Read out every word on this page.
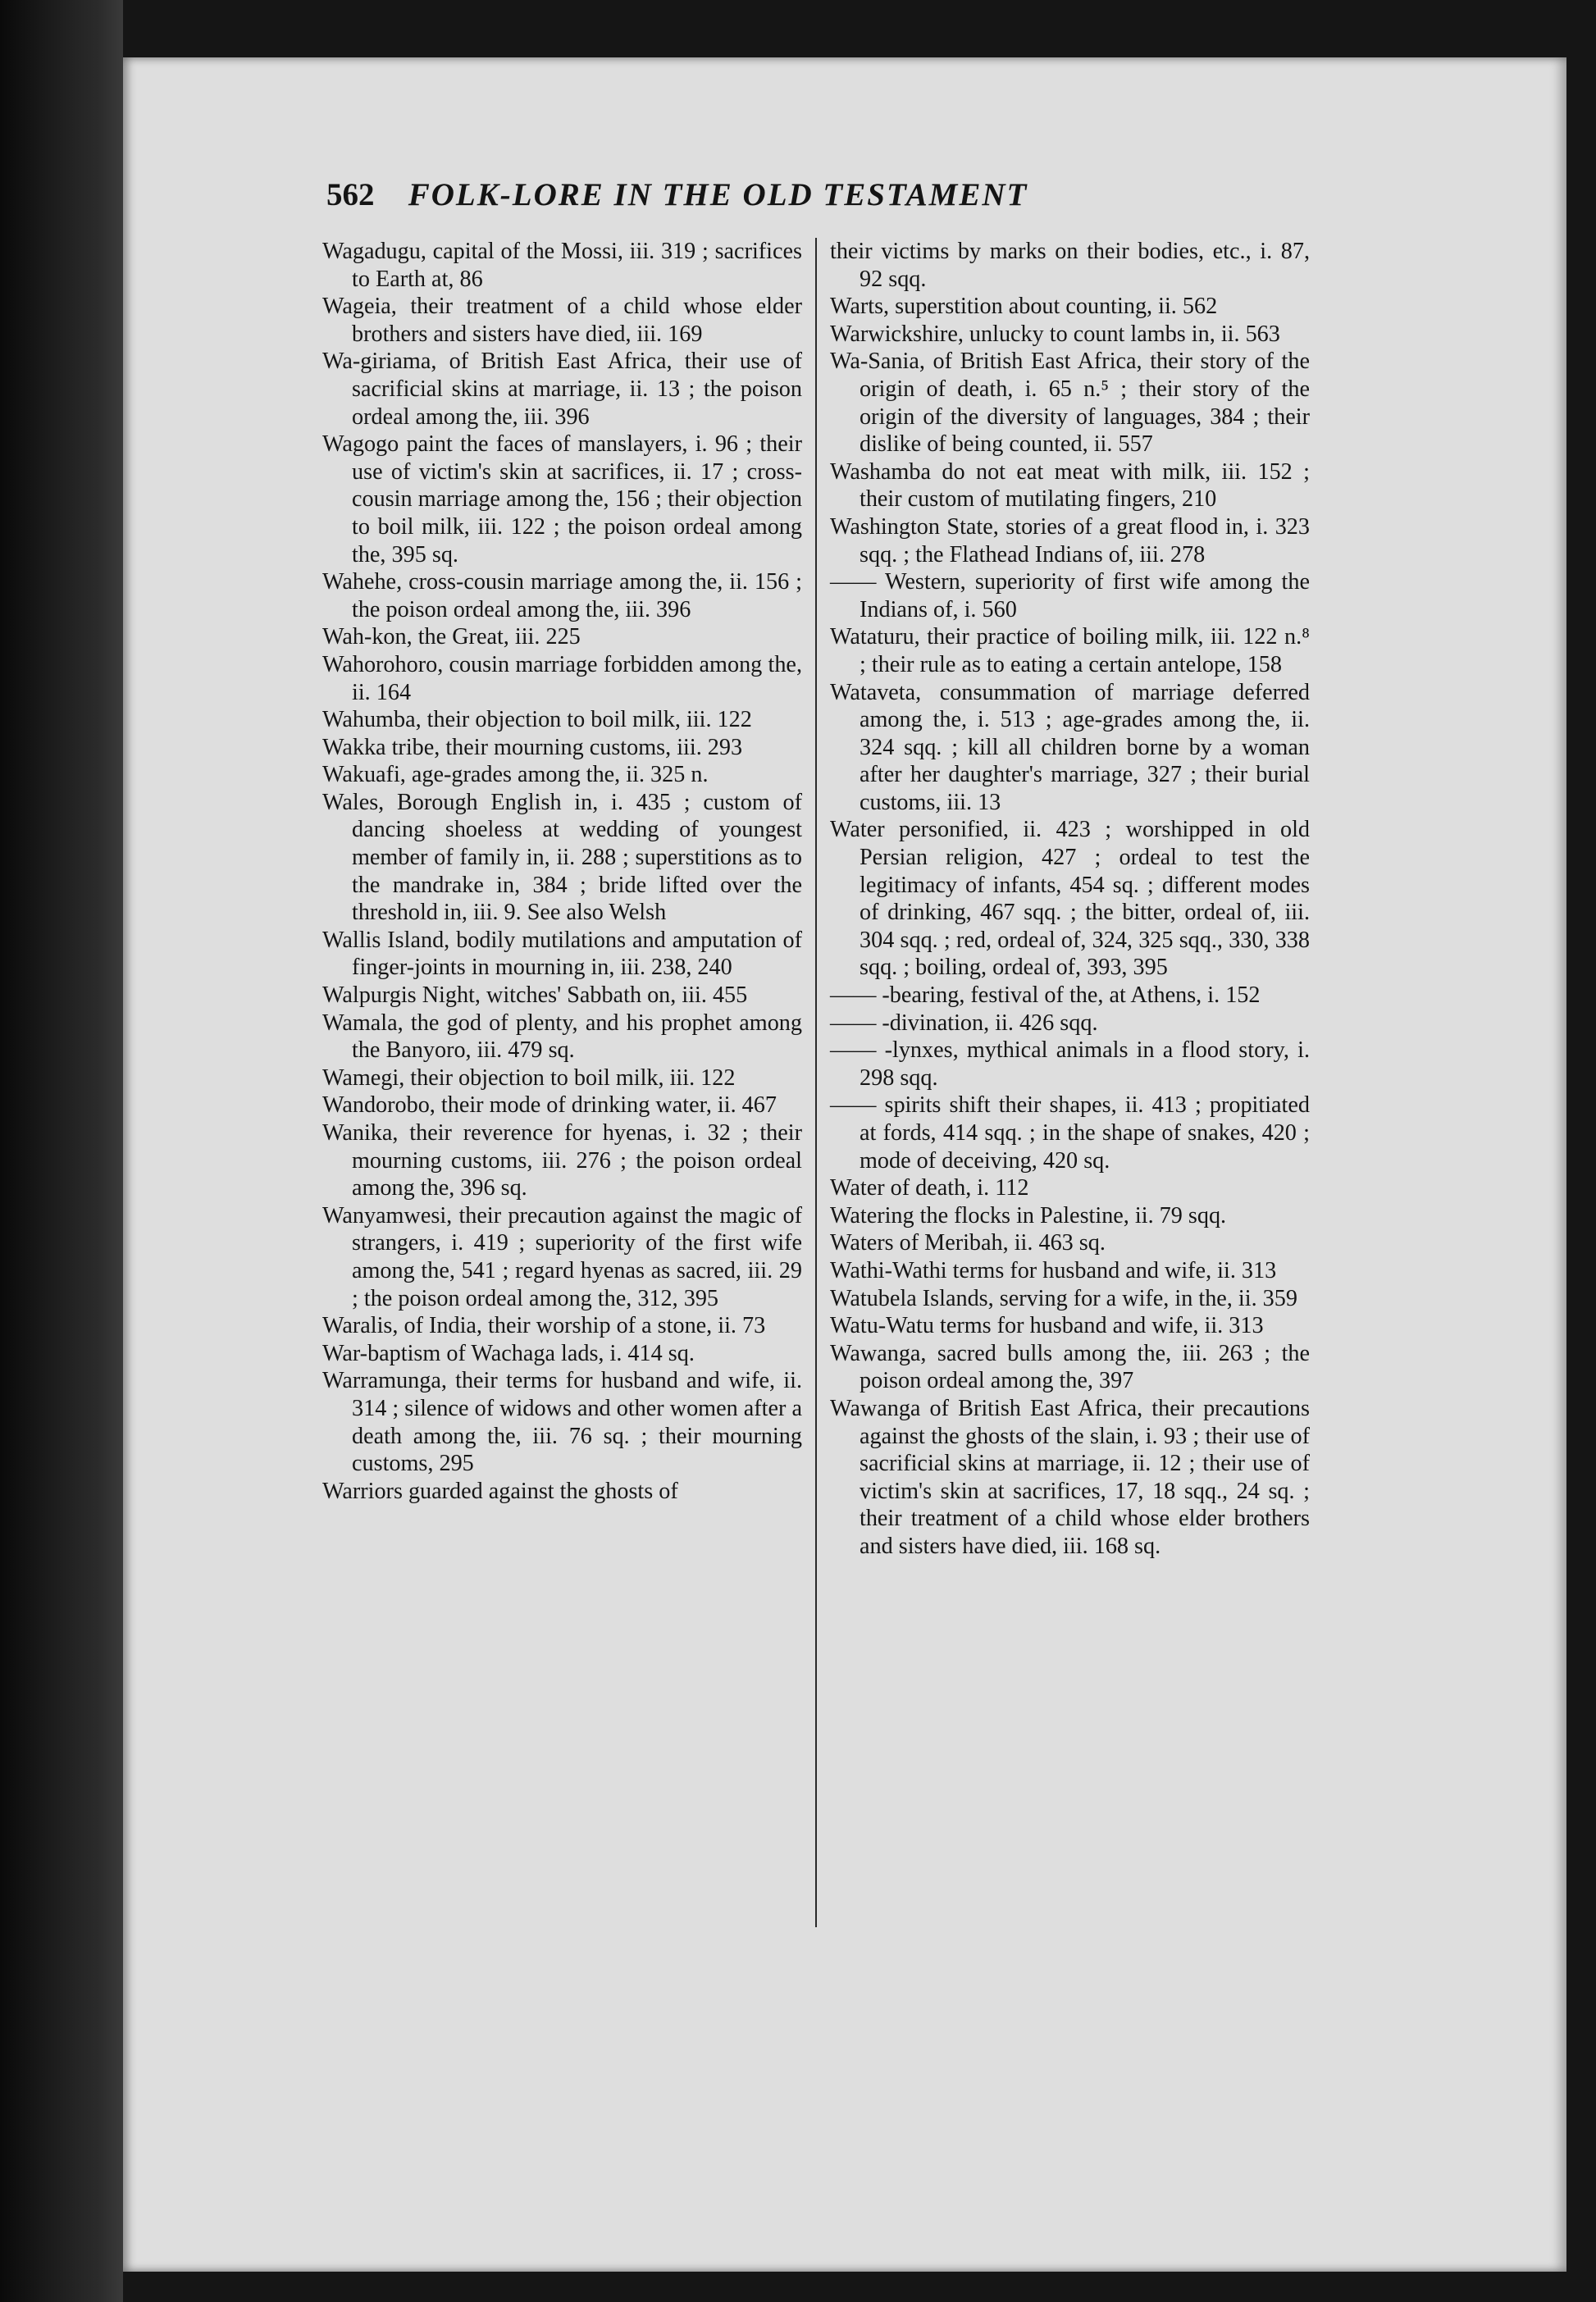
562 FOLK-LORE IN THE OLD TESTAMENT

Wagadugu, capital of the Mossi, iii. 319 ; sacrifices to Earth at, 86

Wageia, their treatment of a child whose elder brothers and sisters have died, iii. 169

Wa-giriama, of British East Africa, their use of sacrificial skins at marriage, ii. 13 ; the poison ordeal among the, iii. 396

Wagogo paint the faces of manslayers, i. 96 ; their use of victim's skin at sacrifices, ii. 17 ; cross-cousin marriage among the, 156 ; their objection to boil milk, iii. 122 ; the poison ordeal among the, 395 sq.

Wahehe, cross-cousin marriage among the, ii. 156 ; the poison ordeal among the, iii. 396

Wah-kon, the Great, iii. 225

Wahorohoro, cousin marriage forbidden among the, ii. 164

Wahumba, their objection to boil milk, iii. 122

Wakka tribe, their mourning customs, iii. 293

Wakuafi, age-grades among the, ii. 325 n.

Wales, Borough English in, i. 435 ; custom of dancing shoeless at wedding of youngest member of family in, ii. 288 ; superstitions as to the mandrake in, 384 ; bride lifted over the threshold in, iii. 9. See also Welsh

Wallis Island, bodily mutilations and amputation of finger-joints in mourning in, iii. 238, 240

Walpurgis Night, witches' Sabbath on, iii. 455

Wamala, the god of plenty, and his prophet among the Banyoro, iii. 479 sq.

Wamegi, their objection to boil milk, iii. 122

Wandorobo, their mode of drinking water, ii. 467

Wanika, their reverence for hyenas, i. 32 ; their mourning customs, iii. 276 ; the poison ordeal among the, 396 sq.

Wanyamwesi, their precaution against the magic of strangers, i. 419 ; superiority of the first wife among the, 541 ; regard hyenas as sacred, iii. 29 ; the poison ordeal among the, 312, 395

Waralis, of India, their worship of a stone, ii. 73

War-baptism of Wachaga lads, i. 414 sq.

Warramunga, their terms for husband and wife, ii. 314 ; silence of widows and other women after a death among the, iii. 76 sq. ; their mourning customs, 295

Warriors guarded against the ghosts of

their victims by marks on their bodies, etc., i. 87, 92 sqq.

Warts, superstition about counting, ii. 562

Warwickshire, unlucky to count lambs in, ii. 563

Wa-Sania, of British East Africa, their story of the origin of death, i. 65 n.⁵ ; their story of the origin of the diversity of languages, 384 ; their dislike of being counted, ii. 557

Washamba do not eat meat with milk, iii. 152 ; their custom of mutilating fingers, 210

Washington State, stories of a great flood in, i. 323 sqq. ; the Flathead Indians of, iii. 278

—— Western, superiority of first wife among the Indians of, i. 560

Wataturu, their practice of boiling milk, iii. 122 n.⁸ ; their rule as to eating a certain antelope, 158

Wataveta, consummation of marriage deferred among the, i. 513 ; age-grades among the, ii. 324 sqq. ; kill all children borne by a woman after her daughter's marriage, 327 ; their burial customs, iii. 13

Water personified, ii. 423 ; worshipped in old Persian religion, 427 ; ordeal to test the legitimacy of infants, 454 sq. ; different modes of drinking, 467 sqq. ; the bitter, ordeal of, iii. 304 sqq. ; red, ordeal of, 324, 325 sqq., 330, 338 sqq. ; boiling, ordeal of, 393, 395

—— -bearing, festival of the, at Athens, i. 152

—— -divination, ii. 426 sqq.

—— -lynxes, mythical animals in a flood story, i. 298 sqq.

—— spirits shift their shapes, ii. 413 ; propitiated at fords, 414 sqq. ; in the shape of snakes, 420 ; mode of deceiving, 420 sq.

Water of death, i. 112

Watering the flocks in Palestine, ii. 79 sqq.

Waters of Meribah, ii. 463 sq.

Wathi-Wathi terms for husband and wife, ii. 313

Watubela Islands, serving for a wife, in the, ii. 359

Watu-Watu terms for husband and wife, ii. 313

Wawanga, sacred bulls among the, iii. 263 ; the poison ordeal among the, 397

Wawanga of British East Africa, their precautions against the ghosts of the slain, i. 93 ; their use of sacrificial skins at marriage, ii. 12 ; their use of victim's skin at sacrifices, 17, 18 sqq., 24 sq. ; their treatment of a child whose elder brothers and sisters have died, iii. 168 sq.
